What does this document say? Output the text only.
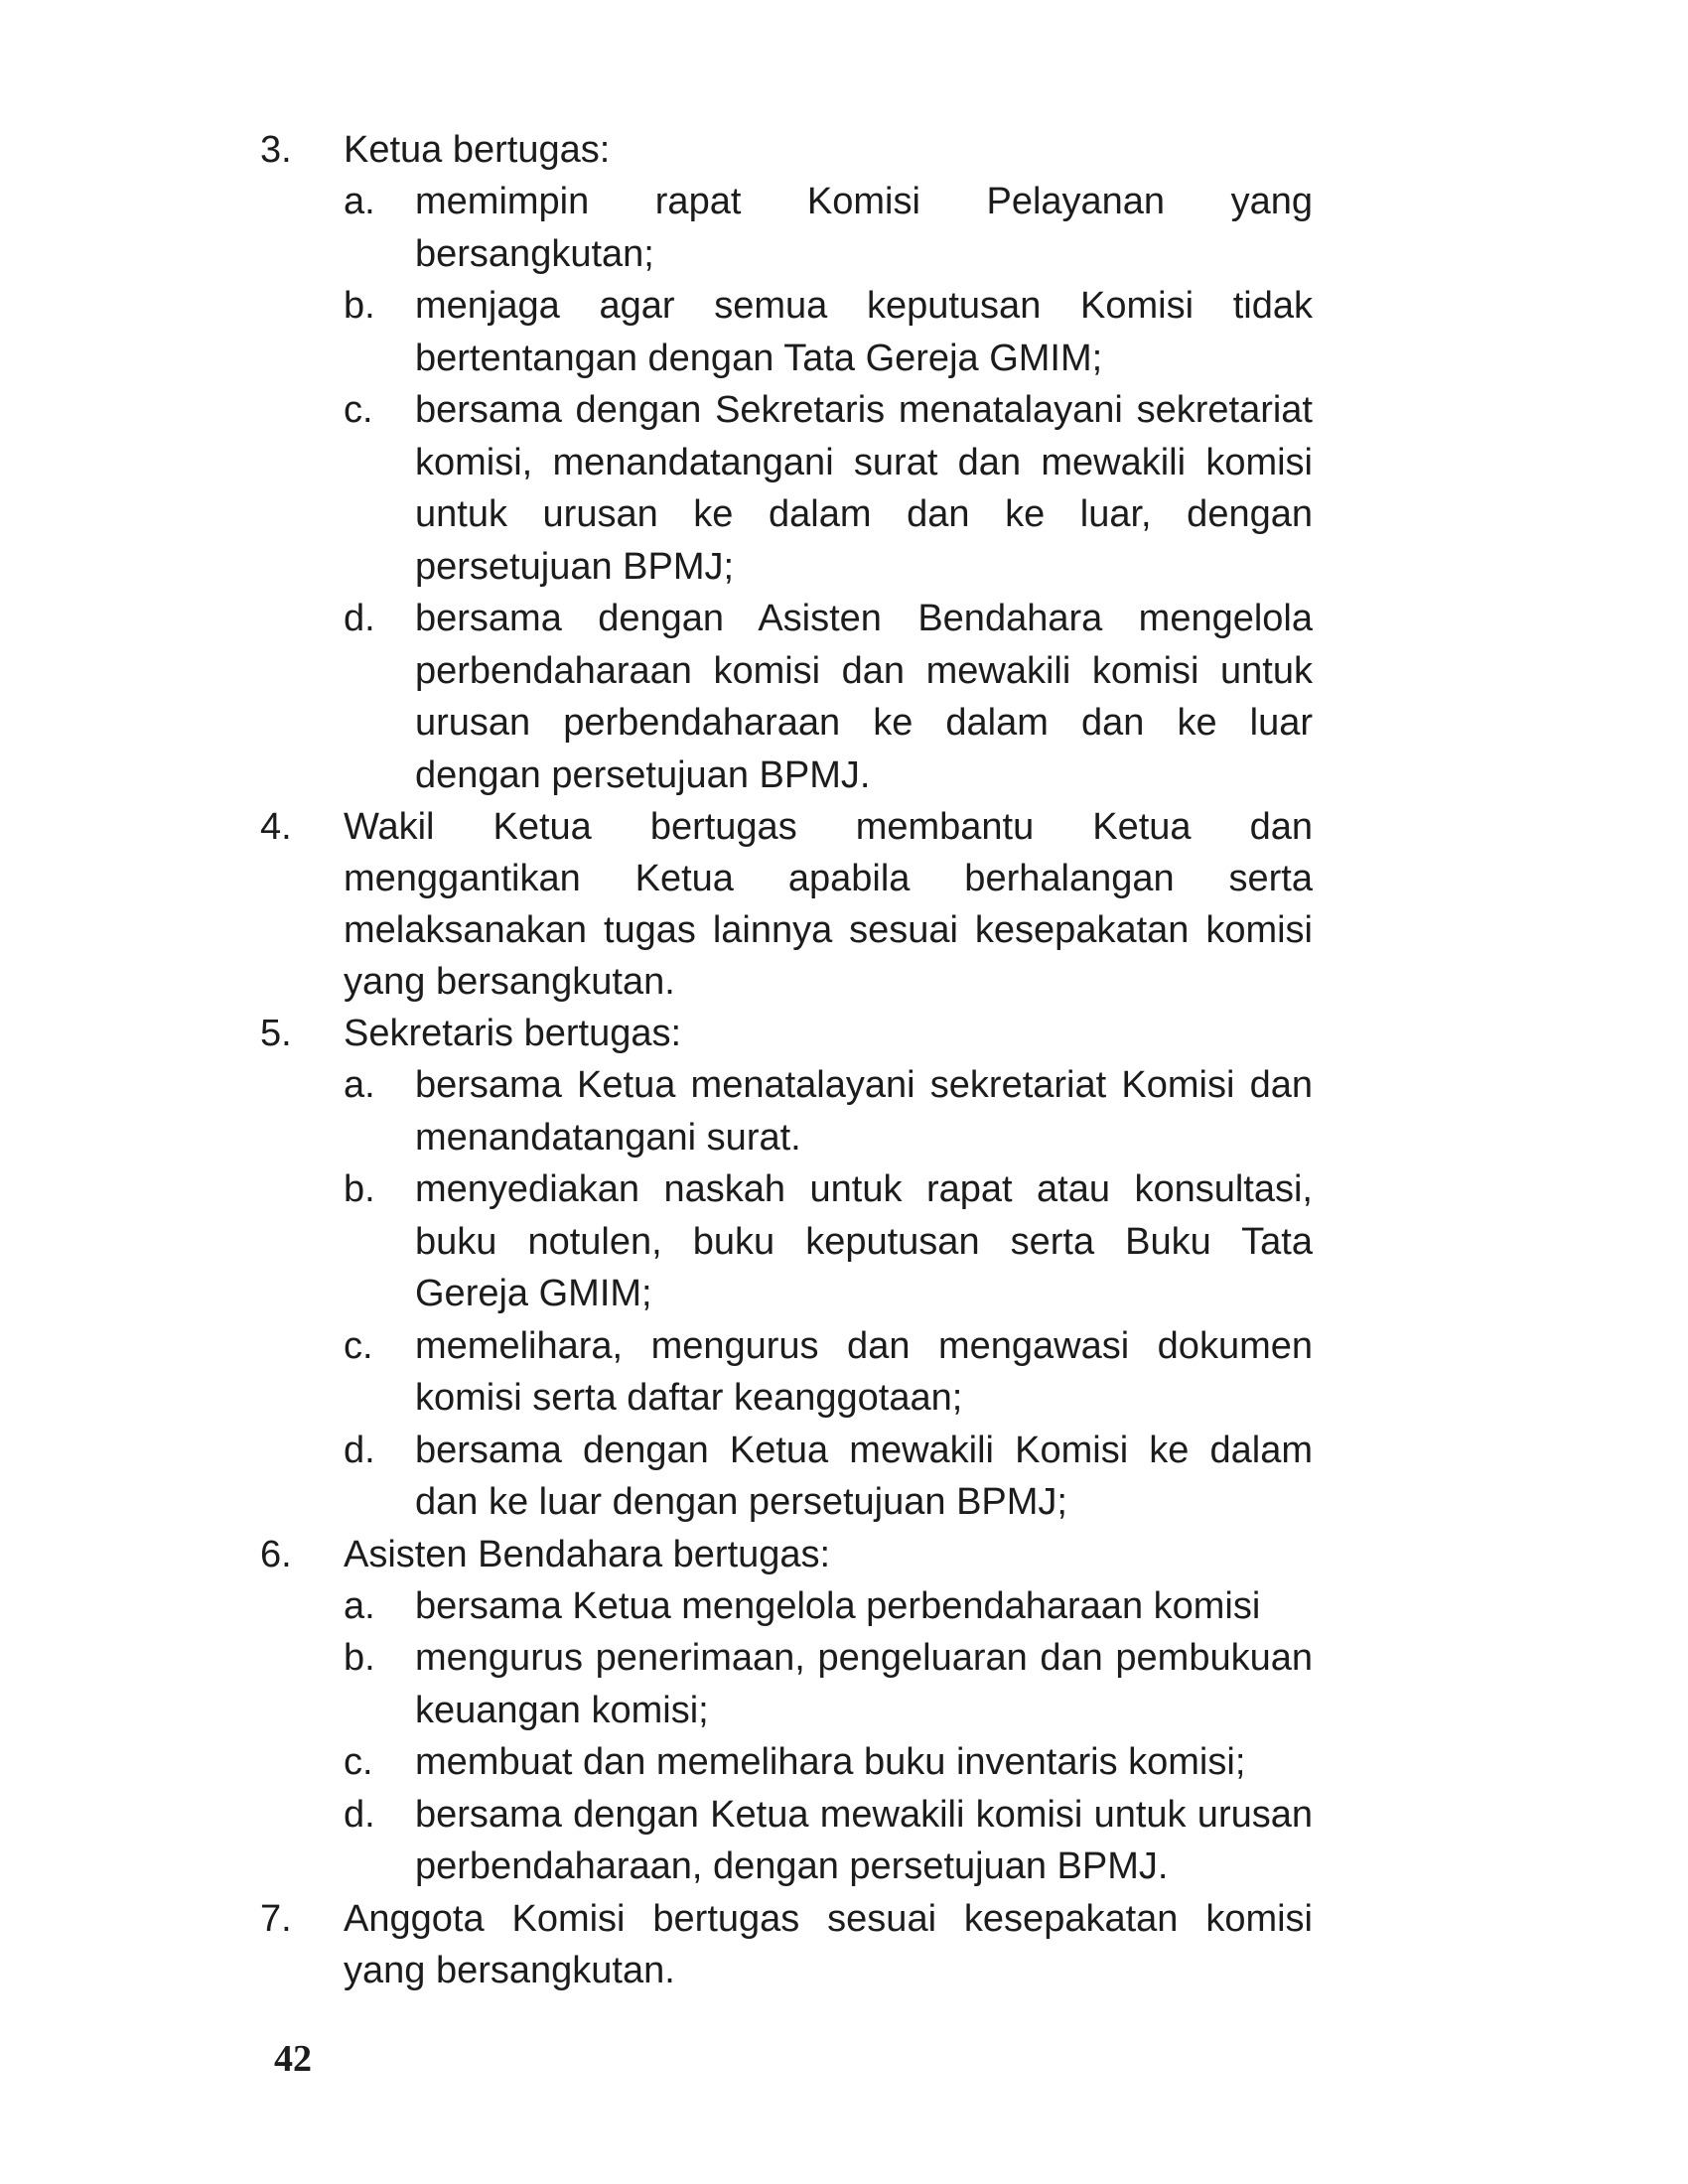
3.	Ketua bertugas:
a.	memimpin rapat Komisi Pelayanan yang bersangkutan;
b.	menjaga agar semua keputusan Komisi tidak bertentangan dengan Tata Gereja GMIM;
c.	bersama dengan Sekretaris menatalayani sekretariat komisi, menandatangani surat dan mewakili komisi untuk urusan ke dalam dan ke luar, dengan persetujuan BPMJ;
d.	bersama dengan Asisten Bendahara mengelola perbendaharaan komisi dan mewakili komisi untuk urusan perbendaharaan ke dalam dan ke luar dengan persetujuan BPMJ.
4.	Wakil Ketua bertugas membantu Ketua dan menggantikan Ketua apabila berhalangan serta melaksanakan tugas lainnya sesuai kesepakatan komisi yang bersangkutan.
5.	Sekretaris bertugas:
a.	bersama Ketua menatalayani sekretariat Komisi dan menandatangani surat.
b.	menyediakan naskah untuk rapat atau konsultasi, buku notulen, buku keputusan serta Buku Tata Gereja GMIM;
c.	memelihara, mengurus dan mengawasi dokumen komisi serta daftar keanggotaan;
d.	bersama dengan Ketua mewakili Komisi ke dalam dan ke luar dengan persetujuan BPMJ;
6.	Asisten Bendahara bertugas:
a.	bersama Ketua mengelola perbendaharaan komisi
b.	mengurus penerimaan, pengeluaran dan pembukuan keuangan komisi;
c.	membuat dan memelihara buku inventaris komisi;
d.	bersama dengan Ketua mewakili komisi untuk urusan perbendaharaan, dengan persetujuan BPMJ.
7.	Anggota Komisi bertugas sesuai kesepakatan komisi yang bersangkutan.
42
